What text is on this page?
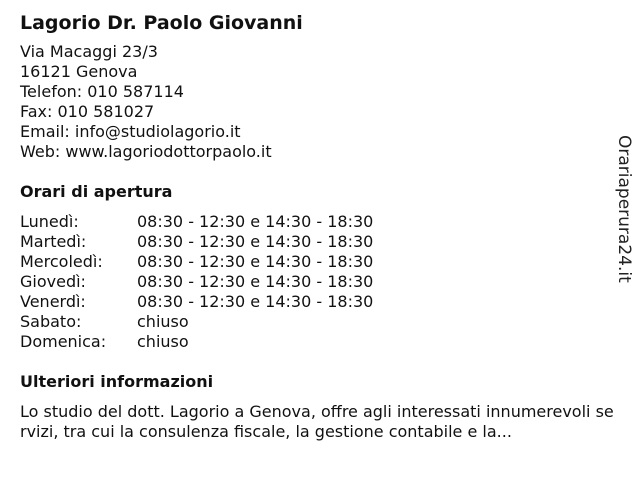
Lagorio Dr. Paolo Giovanni
Via Macaggi 23/3
16121 Genova
Telefon: 010 587114
Fax: 010 581027
Email: info@studiolagorio.it
Web: www.lagoriodottorpaolo.it
Orari di apertura
Lunedì:	08:30 - 12:30 e 14:30 - 18:30
Martedì:	08:30 - 12:30 e 14:30 - 18:30
Mercoledì:	08:30 - 12:30 e 14:30 - 18:30
Giovedì:	08:30 - 12:30 e 14:30 - 18:30
Venerdì:	08:30 - 12:30 e 14:30 - 18:30
Sabato:	chiuso
Domenica:	chiuso
Ulteriori informazioni
Lo studio del dott. Lagorio a Genova, offre agli interessati innumerevoli servizi, tra cui la consulenza fiscale, la gestione contabile e la...
Orariaperura24.it
